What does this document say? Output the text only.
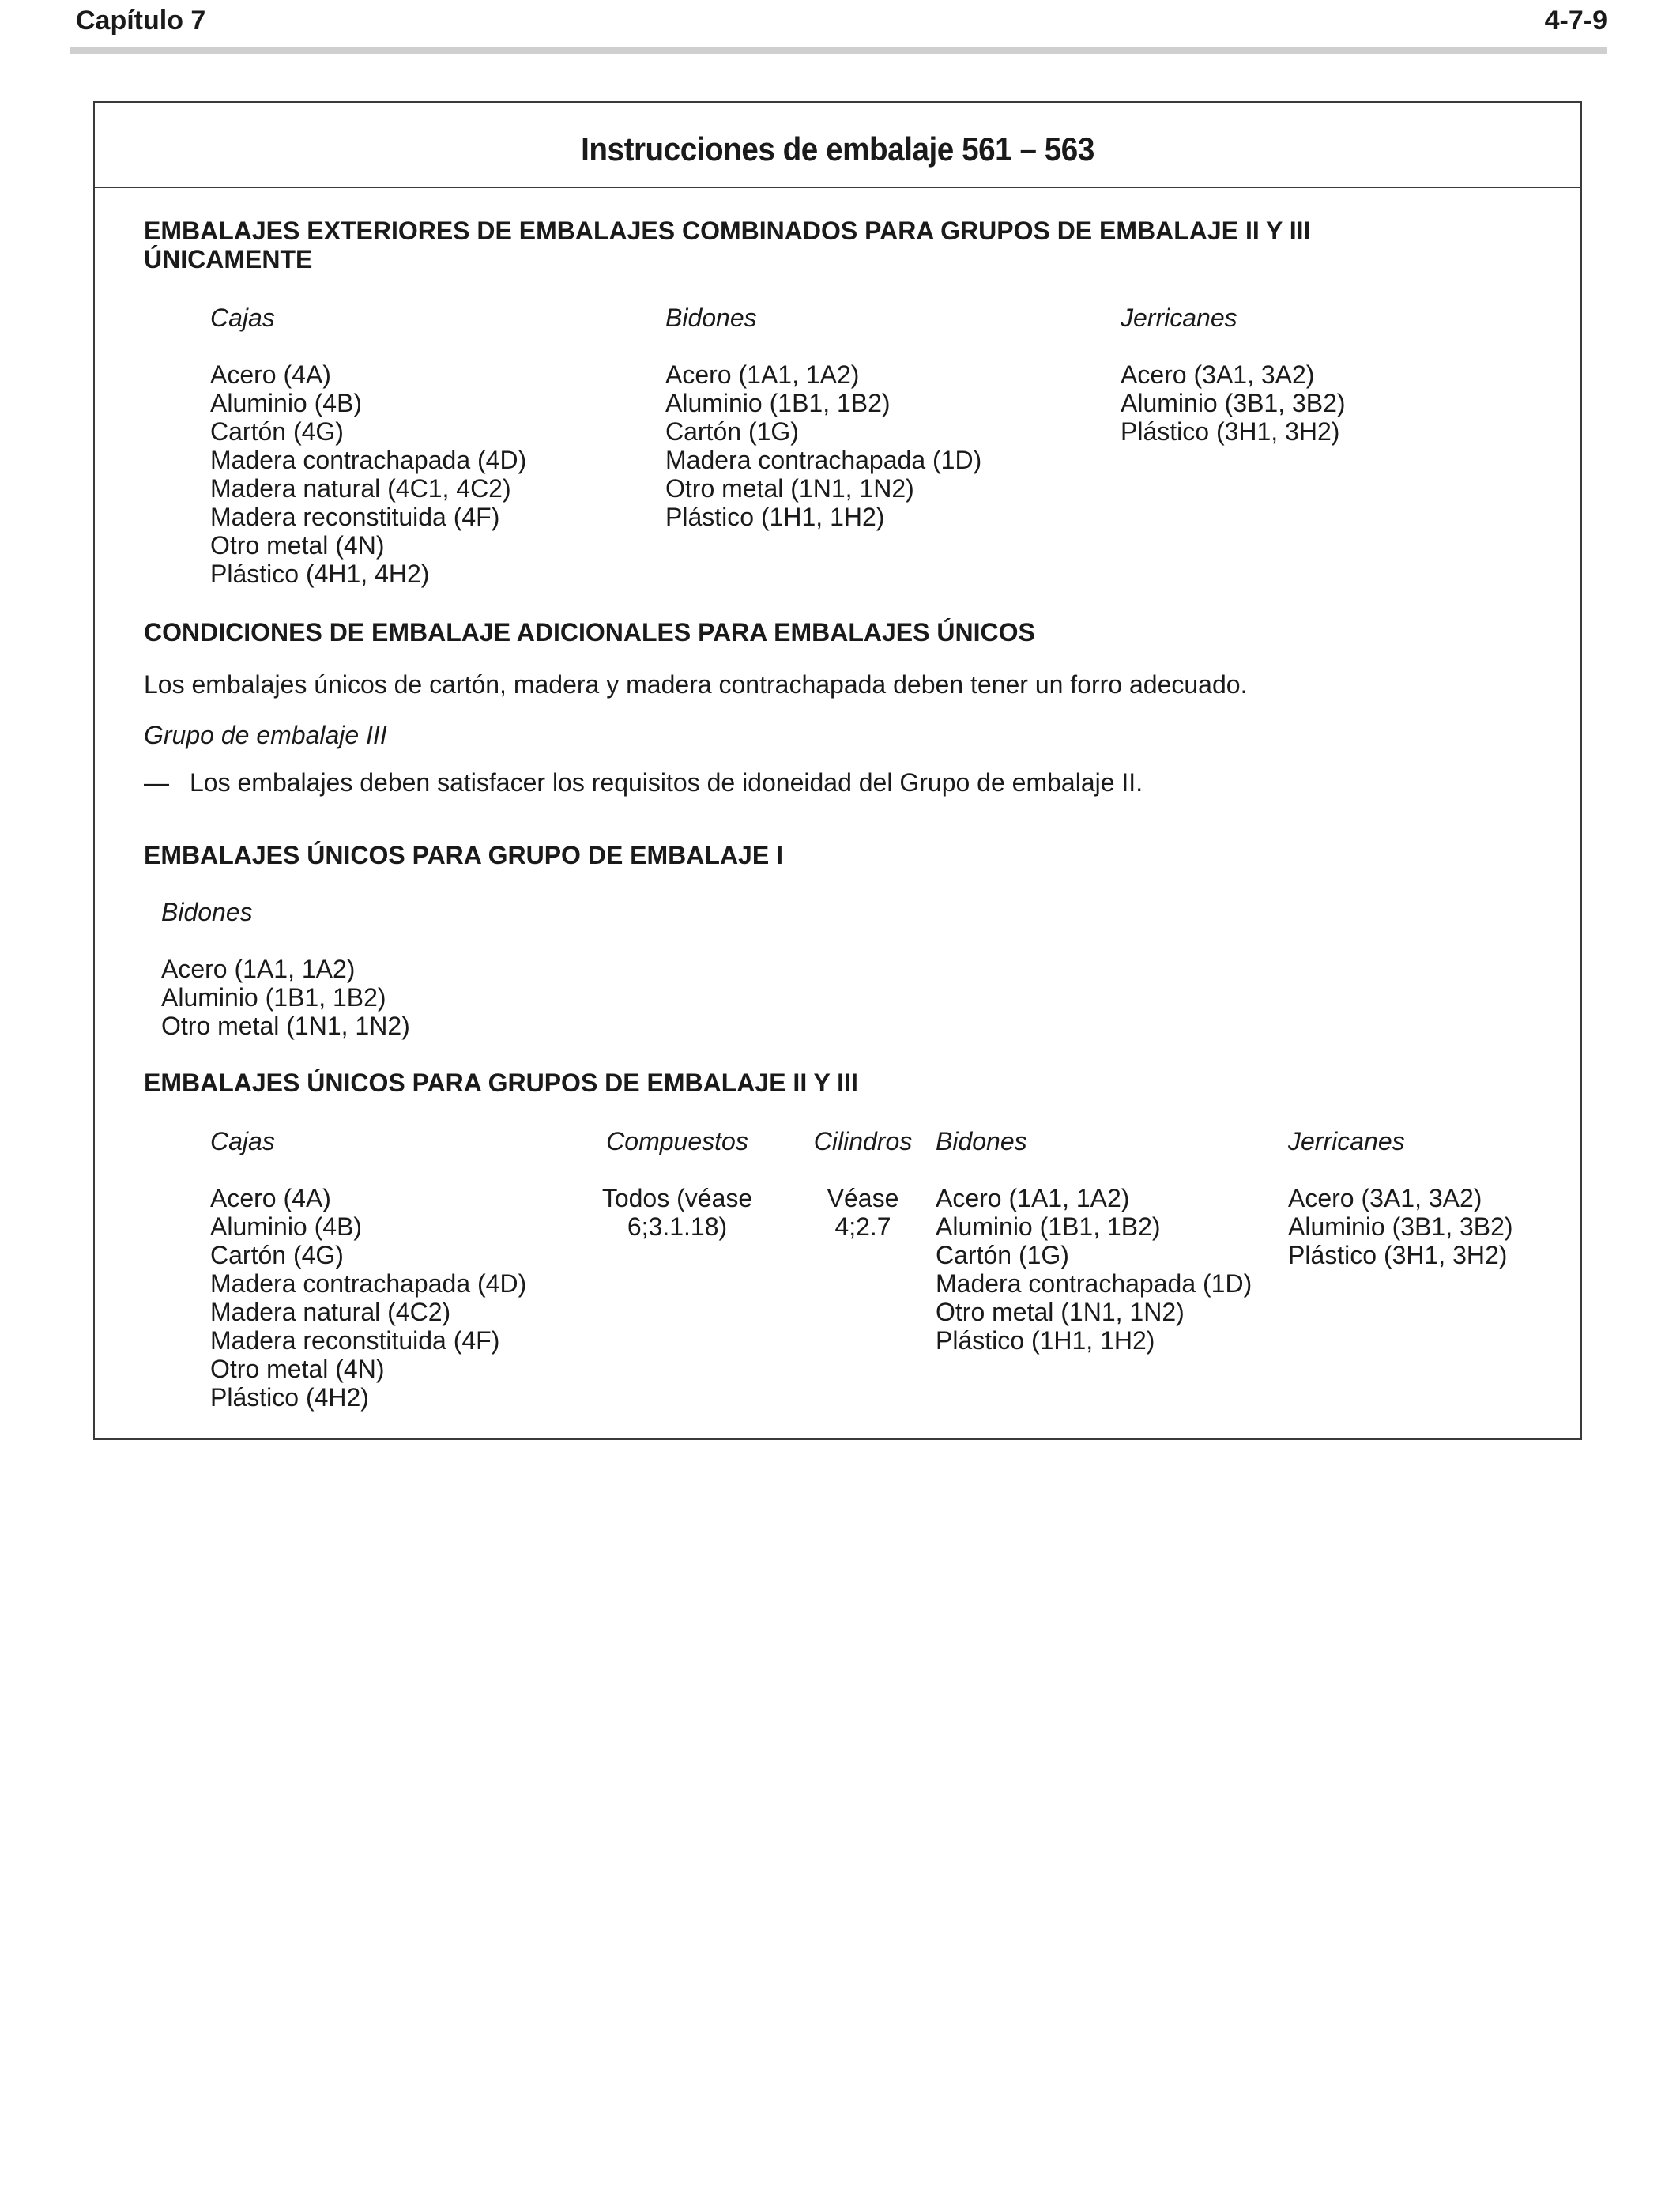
Capítulo 7	4-7-9
Instrucciones de embalaje 561 – 563
EMBALAJES EXTERIORES DE EMBALAJES COMBINADOS PARA GRUPOS DE EMBALAJE II Y III
ÚNICAMENTE
Cajas
Acero (4A)
Aluminio (4B)
Cartón (4G)
Madera contrachapada (4D)
Madera natural (4C1, 4C2)
Madera reconstituida (4F)
Otro metal (4N)
Plástico (4H1, 4H2)
Bidones
Acero (1A1, 1A2)
Aluminio (1B1, 1B2)
Cartón (1G)
Madera contrachapada (1D)
Otro metal (1N1, 1N2)
Plástico (1H1, 1H2)
Jerricanes
Acero (3A1, 3A2)
Aluminio (3B1, 3B2)
Plástico (3H1, 3H2)
CONDICIONES DE EMBALAJE ADICIONALES PARA EMBALAJES ÚNICOS
Los embalajes únicos de cartón, madera y madera contrachapada deben tener un forro adecuado.
Grupo de embalaje III
— Los embalajes deben satisfacer los requisitos de idoneidad del Grupo de embalaje II.
EMBALAJES ÚNICOS PARA GRUPO DE EMBALAJE I
Bidones
Acero (1A1, 1A2)
Aluminio (1B1, 1B2)
Otro metal (1N1, 1N2)
EMBALAJES ÚNICOS PARA GRUPOS DE EMBALAJE II Y III
Cajas
Acero (4A)
Aluminio (4B)
Cartón (4G)
Madera contrachapada (4D)
Madera natural (4C2)
Madera reconstituida (4F)
Otro metal (4N)
Plástico (4H2)
Compuestos
Todos (véase
6;3.1.18)
Cilindros
Véase
4;2.7
Bidones
Acero (1A1, 1A2)
Aluminio (1B1, 1B2)
Cartón (1G)
Madera contrachapada (1D)
Otro metal (1N1, 1N2)
Plástico (1H1, 1H2)
Jerricanes
Acero (3A1, 3A2)
Aluminio (3B1, 3B2)
Plástico (3H1, 3H2)
